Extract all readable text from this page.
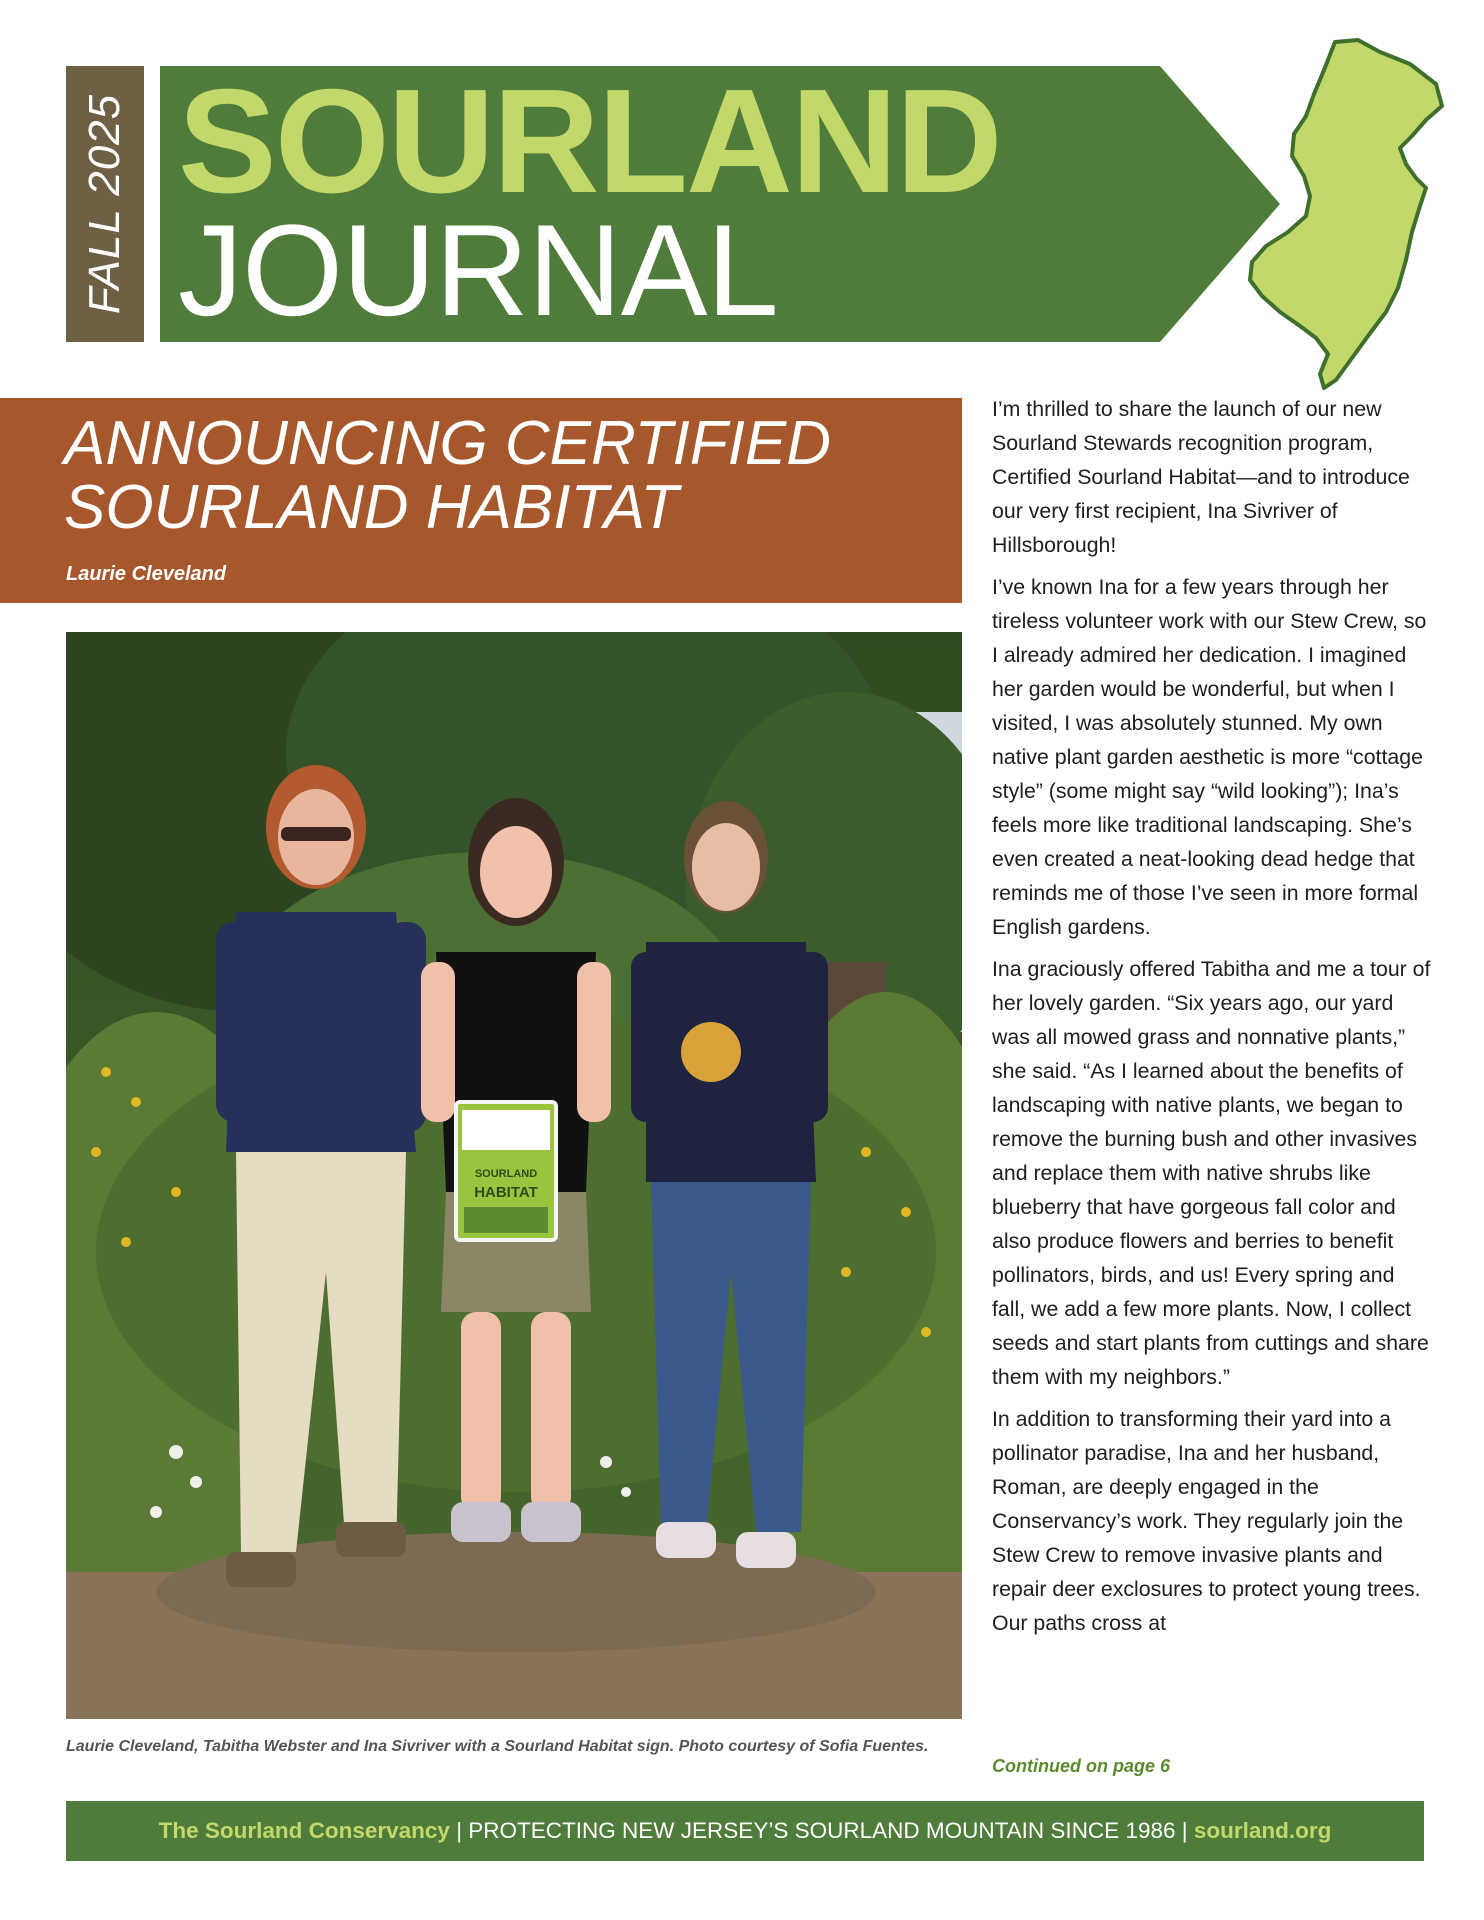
FALL 2025 SOURLAND
JOURNAL
ANNOUNCING CERTIFIED
SOURLAND HABITAT
Laurie Cleveland
SOURLAND
HABITAT
Laurie Cleveland, Tabitha Webster and Ina Sivriver with a Sourland Habitat sign. Photo courtesy of Sofia Fuentes.

I’m thrilled to share the launch of our new Sourland Stewards recognition program, Certified Sourland Habitat—and to introduce our very first recipient, Ina Sivriver of Hillsborough!

I’ve known Ina for a few years through her tireless volunteer work with our Stew Crew, so I already admired her dedication. I imagined her garden would be wonderful, but when I visited, I was absolutely stunned. My own native plant garden aesthetic is more “cottage style” (some might say “wild looking”); Ina’s feels more like traditional landscaping. She’s even created a neat-looking dead hedge that reminds me of those I’ve seen in more formal English gardens.

Ina graciously offered Tabitha and me a tour of her lovely garden. “Six years ago, our yard was all mowed grass and nonnative plants,” she said. “As I learned about the benefits of landscaping with native plants, we began to remove the burning bush and other invasives and replace them with native shrubs like blueberry that have gorgeous fall color and also produce flowers and berries to benefit pollinators, birds, and us! Every spring and fall, we add a few more plants. Now, I collect seeds and start plants from cuttings and share them with my neighbors.”

In addition to transforming their yard into a pollinator paradise, Ina and her husband, Roman, are deeply engaged in the Conservancy’s work. They regularly join the Stew Crew to remove invasive plants and repair deer exclosures to protect young trees. Our paths cross at

Continued on page 6
The Sourland Conservancy | PROTECTING NEW JERSEY’S SOURLAND MOUNTAIN SINCE 1986 | sourland.org
